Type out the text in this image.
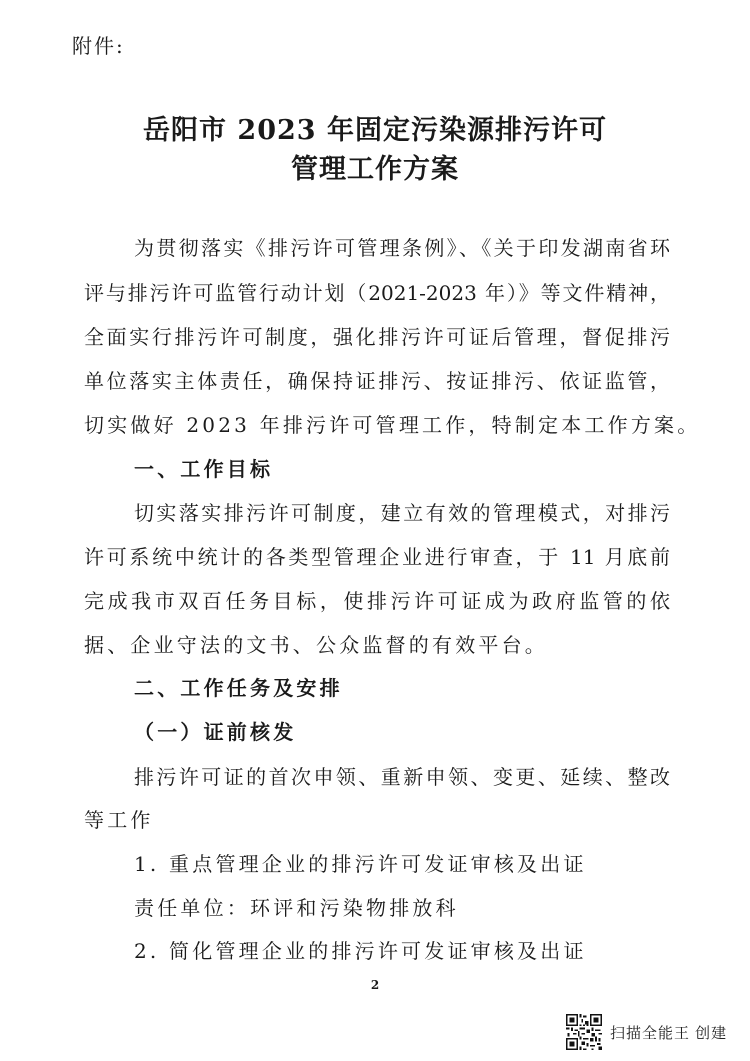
附件:
岳阳市 2023 年固定污染源排污许可
管理工作方案
为贯彻落实《排污许可管理条例》、《关于印发湖南省环
评与排污许可监管行动计划（2021-2023 年）》等文件精神，
全面实行排污许可制度，强化排污许可证后管理，督促排污
单位落实主体责任，确保持证排污、按证排污、依证监管，
切实做好 2023 年排污许可管理工作，特制定本工作方案。
一、工作目标
切实落实排污许可制度，建立有效的管理模式，对排污
许可系统中统计的各类型管理企业进行审查，于 11 月底前
完成我市双百任务目标，使排污许可证成为政府监管的依
据、企业守法的文书、公众监督的有效平台。
二、工作任务及安排
（一）证前核发
排污许可证的首次申领、重新申领、变更、延续、整改
等工作
1. 重点管理企业的排污许可发证审核及出证
责任单位：环评和污染物排放科
2. 简化管理企业的排污许可发证审核及出证
2
扫描全能王 创建
